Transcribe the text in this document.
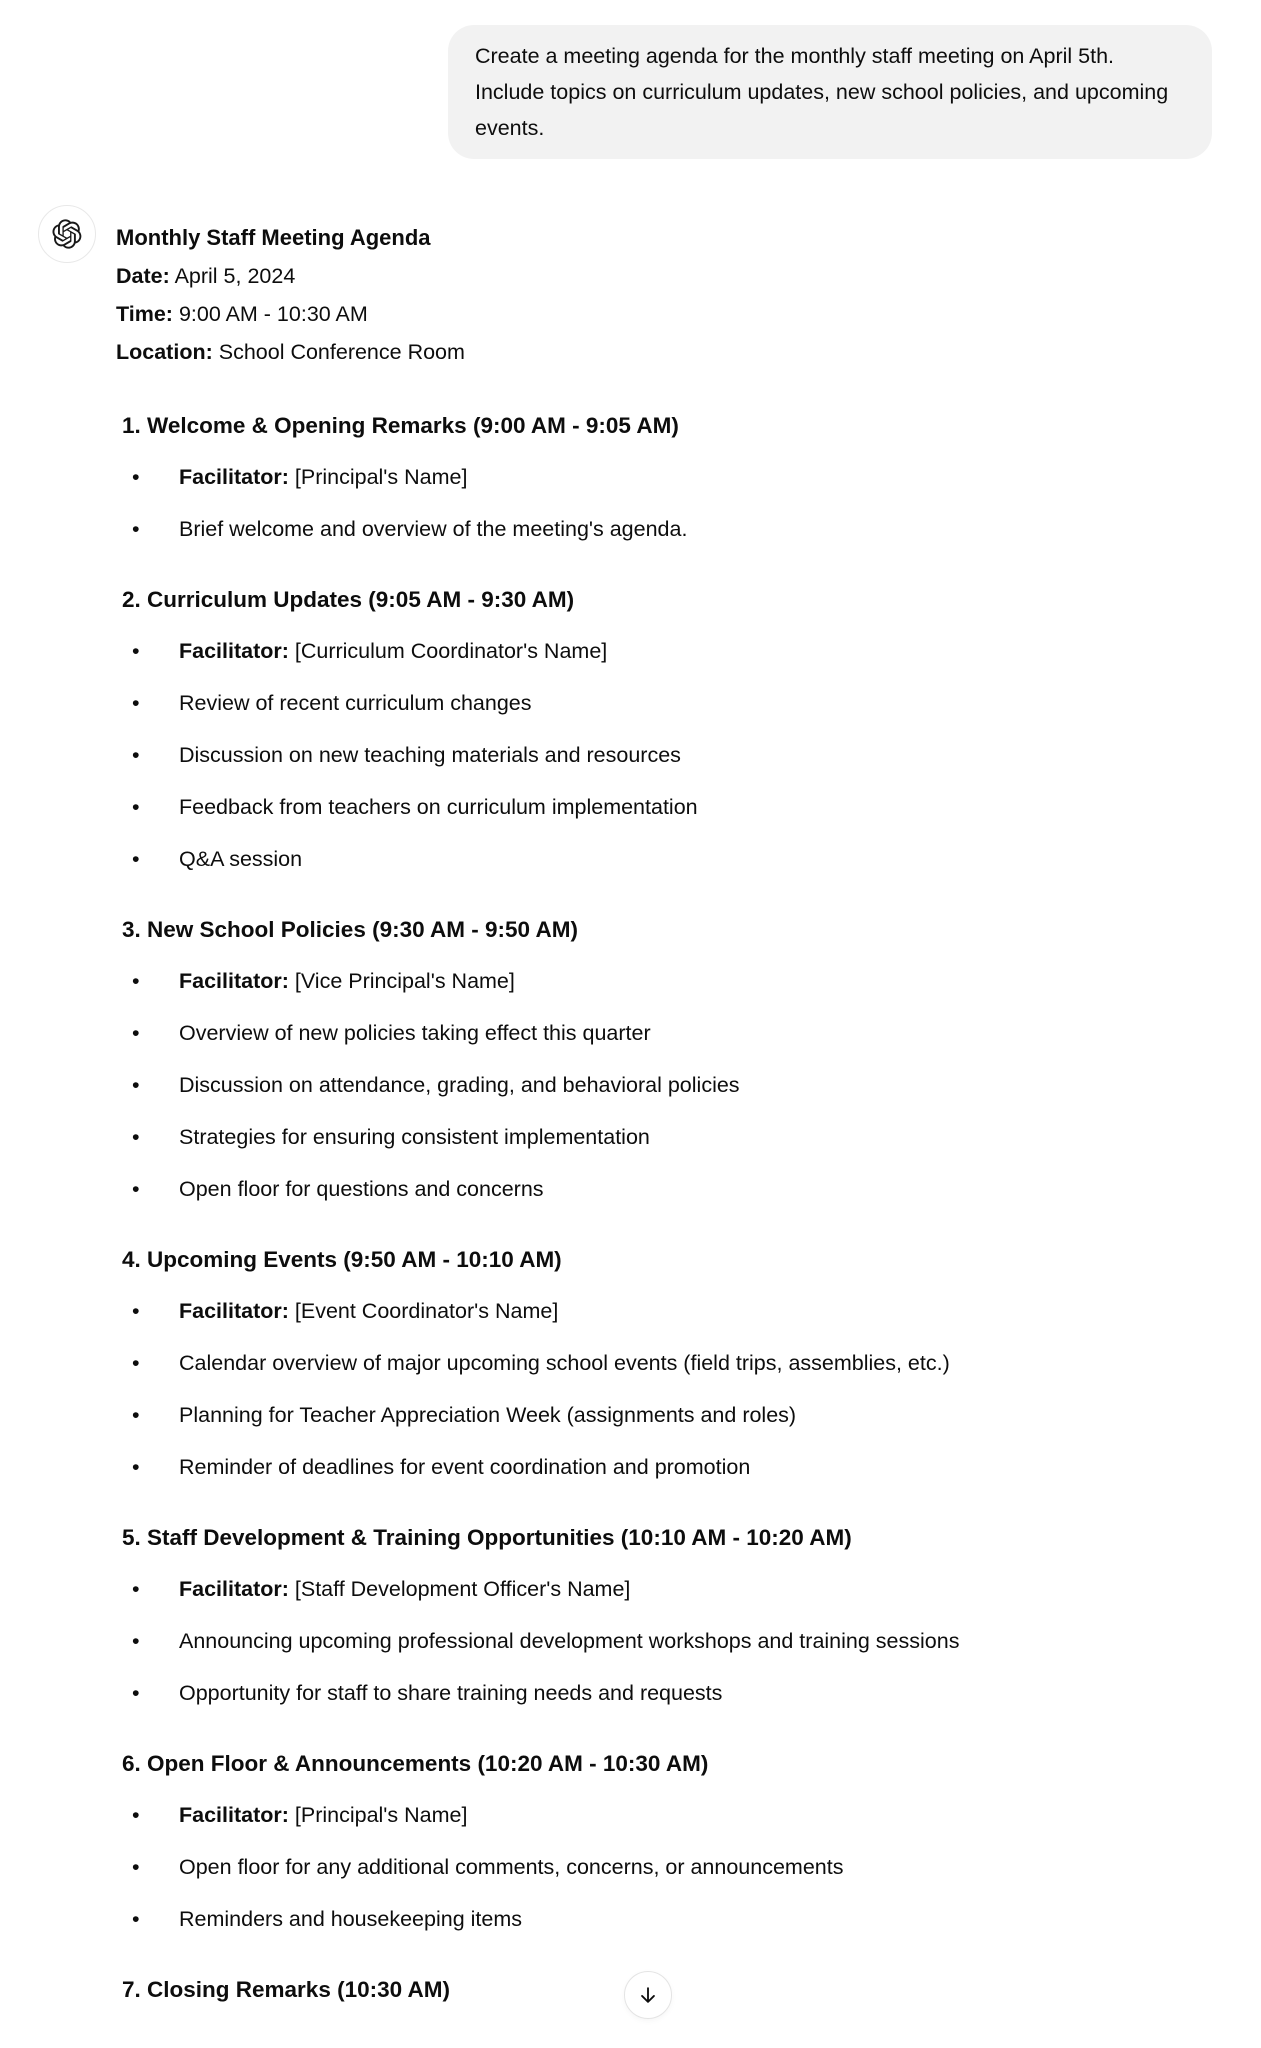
Create a meeting agenda for the monthly staff meeting on April 5th. Include topics on curriculum updates, new school policies, and upcoming events.

Monthly Staff Meeting Agenda

Date: April 5, 2024

Time: 9:00 AM - 10:30 AM

Location: School Conference Room

1. Welcome & Opening Remarks (9:00 AM - 9:05 AM)
• Facilitator: [Principal's Name]
• Brief welcome and overview of the meeting's agenda.
2. Curriculum Updates (9:05 AM - 9:30 AM)
• Facilitator: [Curriculum Coordinator's Name]
• Review of recent curriculum changes
• Discussion on new teaching materials and resources
• Feedback from teachers on curriculum implementation
• Q&A session
3. New School Policies (9:30 AM - 9:50 AM)
• Facilitator: [Vice Principal's Name]
• Overview of new policies taking effect this quarter
• Discussion on attendance, grading, and behavioral policies
• Strategies for ensuring consistent implementation
• Open floor for questions and concerns
4. Upcoming Events (9:50 AM - 10:10 AM)
• Facilitator: [Event Coordinator's Name]
• Calendar overview of major upcoming school events (field trips, assemblies, etc.)
• Planning for Teacher Appreciation Week (assignments and roles)
• Reminder of deadlines for event coordination and promotion
5. Staff Development & Training Opportunities (10:10 AM - 10:20 AM)
• Facilitator: [Staff Development Officer's Name]
• Announcing upcoming professional development workshops and training sessions
• Opportunity for staff to share training needs and requests
6. Open Floor & Announcements (10:20 AM - 10:30 AM)
• Facilitator: [Principal's Name]
• Open floor for any additional comments, concerns, or announcements
• Reminders and housekeeping items
7. Closing Remarks (10:30 AM)
